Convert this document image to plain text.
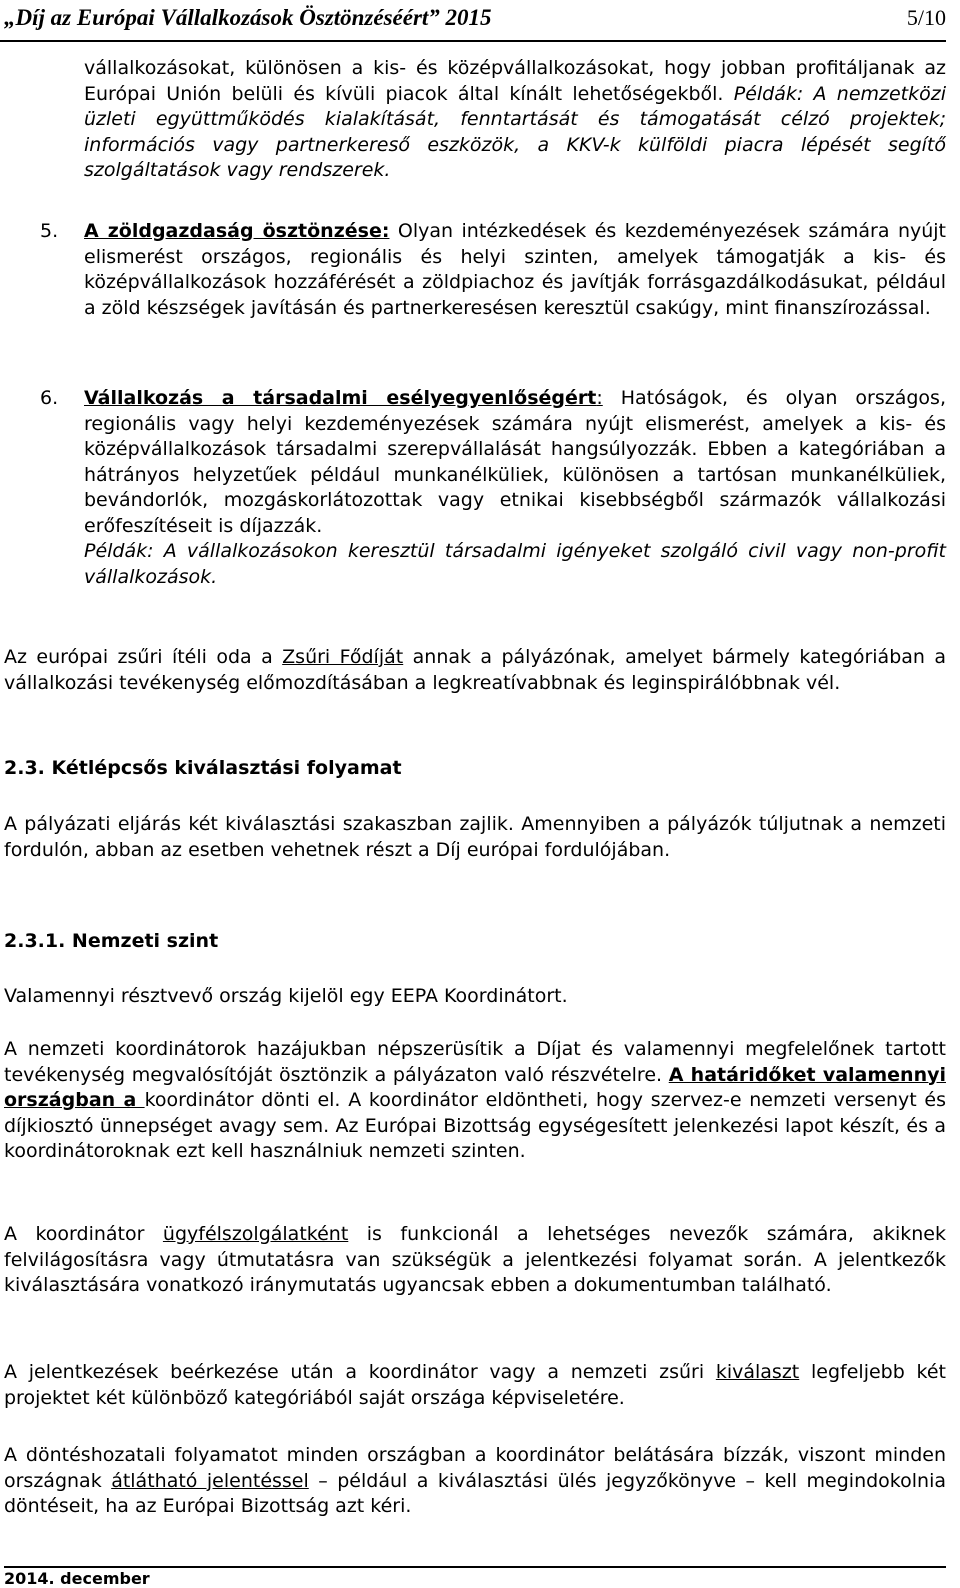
„Díj az Európai Vállalkozások Ösztönzéséért” 2015	5/10
vállalkozásokat, különösen a kis- és középvállalkozásokat, hogy jobban profitáljanak az Európai Unión belüli és kívüli piacok által kínált lehetőségekből. Példák: A nemzetközi üzleti együttműködés kialakítását, fenntartását és támogatását célzó projektek; információs vagy partnerkereső eszközök, a KKV-k külföldi piacra lépését segítő szolgáltatások vagy rendszerek.
5. A zöldgazdaság ösztönzése: Olyan intézkedések és kezdeményezések számára nyújt elismerést országos, regionális és helyi szinten, amelyek támogatják a kis- és középvállalkozások hozzáférését a zöldpiachoz és javítják forrásgazdálkodásukat, például a zöld készségek javításán és partnerkeresésen keresztül csakúgy, mint finanszírozással.
6. Vállalkozás a társadalmi esélyegyenlőségért: Hatóságok, és olyan országos, regionális vagy helyi kezdeményezések számára nyújt elismerést, amelyek a kis- és középvállalkozások társadalmi szerepvállalását hangsúlyozzák. Ebben a kategóriában a hátrányos helyzetűek például munkanélküliek, különösen a tartósan munkanélküliek, bevándorlók, mozgáskorlátozottak vagy etnikai kisebbségből származók vállalkozási erőfeszítéseit is díjazzák.
Példák: A vállalkozásokon keresztül társadalmi igényeket szolgáló civil vagy non-profit vállalkozások.
Az európai zsűri ítéli oda a Zsűri Fődíját annak a pályázónak, amelyet bármely kategóriában a vállalkozási tevékenység előmozdításában a legkreatívabbnak és leginspirálóbbnak vél.
2.3. Kétlépcsős kiválasztási folyamat
A pályázati eljárás két kiválasztási szakaszban zajlik. Amennyiben a pályázók túljutnak a nemzeti fordulón, abban az esetben vehetnek részt a Díj európai fordulójában.
2.3.1. Nemzeti szint
Valamennyi résztvevő ország kijelöl egy EEPA Koordinátort.
A nemzeti koordinátorok hazájukban népszerüsítik a Díjat és valamennyi megfelelőnek tartott tevékenység megvalósítóját ösztönzik a pályázaton való részvételre. A határidőket valamennyi országban a koordinátor dönti el. A koordinátor eldöntheti, hogy szervez-e nemzeti versenyt és díjkiosztó ünnepséget avagy sem. Az Európai Bizottság egységesített jelenkezési lapot készít, és a koordinátoroknak ezt kell használniuk nemzeti szinten.
A koordinátor ügyfélszolgálatként is funkcionál a lehetséges nevezők számára, akiknek felvilágosításra vagy útmutatásra van szükségük a jelentkezési folyamat során. A jelentkezők kiválasztására vonatkozó iránymutatás ugyancsak ebben a dokumentumban található.
A jelentkezések beérkezése után a koordinátor vagy a nemzeti zsűri kiválaszt legfeljebb két projektet két különböző kategóriából saját országa képviseletére.
A döntéshozatali folyamatot minden országban a koordinátor belátására bízzák, viszont minden országnak átlátható jelentéssel – például a kiválasztási ülés jegyzőkönyve – kell megindokolnia döntéseit, ha az Európai Bizottság azt kéri.
2014. december
